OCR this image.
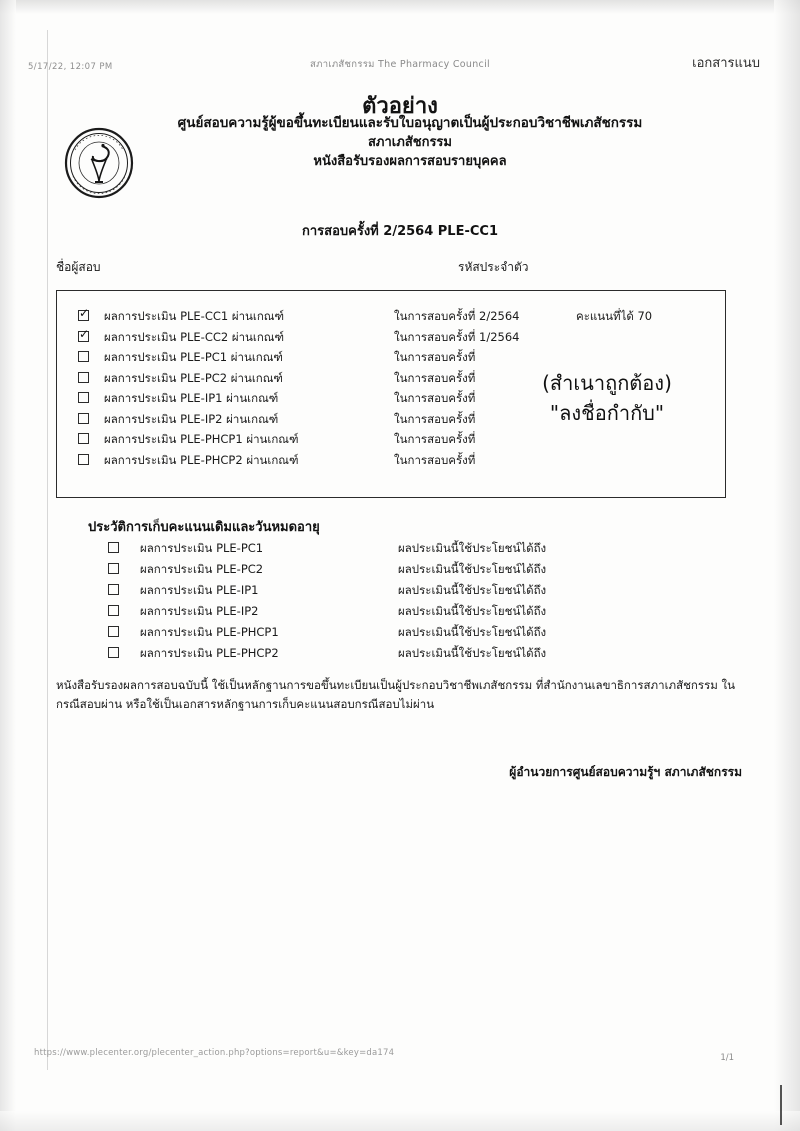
5/17/22, 12:07 PM	สภาเภสัชกรรม The Pharmacy Council	เอกสารแนบ
ตัวอย่าง
ศูนย์สอบความรู้ผู้ขอขึ้นทะเบียนและรับใบอนุญาตเป็นผู้ประกอบวิชาชีพเภสัชกรรม
สภาเภสัชกรรม
หนังสือรับรองผลการสอบรายบุคคล
การสอบครั้งที่ 2/2564 PLE-CC1
ชื่อผู้สอบ	รหัสประจำตัว
✓
ผลการประเมิน PLE-CC1 ผ่านเกณฑ์	ในการสอบครั้งที่ 2/2564	คะแนนที่ได้ 70
✓
ผลการประเมิน PLE-CC2 ผ่านเกณฑ์	ในการสอบครั้งที่ 1/2564
ผลการประเมิน PLE-PC1 ผ่านเกณฑ์	ในการสอบครั้งที่
ผลการประเมิน PLE-PC2 ผ่านเกณฑ์	ในการสอบครั้งที่
ผลการประเมิน PLE-IP1 ผ่านเกณฑ์	ในการสอบครั้งที่
ผลการประเมิน PLE-IP2 ผ่านเกณฑ์	ในการสอบครั้งที่
ผลการประเมิน PLE-PHCP1 ผ่านเกณฑ์	ในการสอบครั้งที่
ผลการประเมิน PLE-PHCP2 ผ่านเกณฑ์	ในการสอบครั้งที่
(สำเนาถูกต้อง)
"ลงชื่อกำกับ"
ประวัติการเก็บคะแนนเดิมและวันหมดอายุ
ผลการประเมิน PLE-PC1	ผลประเมินนี้ใช้ประโยชน์ได้ถึง
ผลการประเมิน PLE-PC2	ผลประเมินนี้ใช้ประโยชน์ได้ถึง
ผลการประเมิน PLE-IP1	ผลประเมินนี้ใช้ประโยชน์ได้ถึง
ผลการประเมิน PLE-IP2	ผลประเมินนี้ใช้ประโยชน์ได้ถึง
ผลการประเมิน PLE-PHCP1	ผลประเมินนี้ใช้ประโยชน์ได้ถึง
ผลการประเมิน PLE-PHCP2	ผลประเมินนี้ใช้ประโยชน์ได้ถึง
หนังสือรับรองผลการสอบฉบับนี้ ใช้เป็นหลักฐานการขอขึ้นทะเบียนเป็นผู้ประกอบวิชาชีพเภสัชกรรม ที่สำนักงานเลขาธิการสภาเภสัชกรรม ในกรณีสอบผ่าน หรือใช้เป็นเอกสารหลักฐานการเก็บคะแนนสอบกรณีสอบไม่ผ่าน
ผู้อำนวยการศูนย์สอบความรู้ฯ สภาเภสัชกรรม
https://www.plecenter.org/plecenter_action.php?options=report&u=&key=da174	1/1
